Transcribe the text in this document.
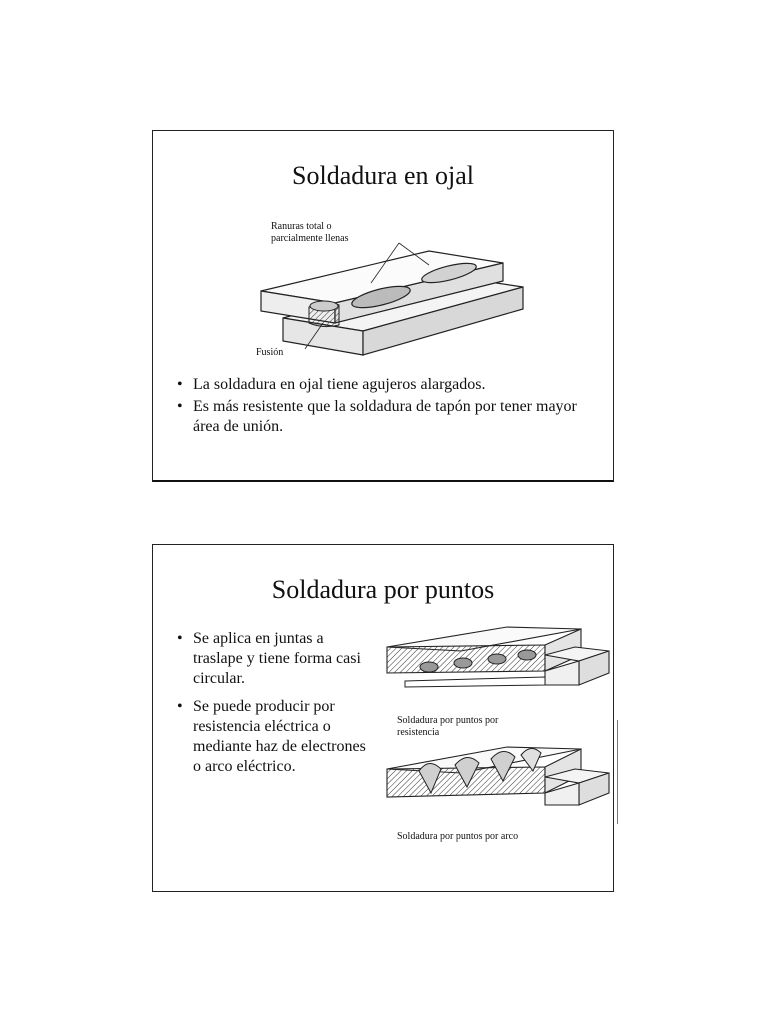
Soldadura en ojal
Ranuras total o
parcialmente llenas
Fusión
• La soldadura en ojal tiene agujeros alargados.
• Es más resistente que la soldadura de tapón por tener mayor área de unión.
Soldadura por puntos
• Se aplica en juntas a traslape y tiene forma casi circular.
• Se puede producir por resistencia eléctrica o mediante haz de electrones o arco eléctrico.
Soldadura por puntos por resistencia
Soldadura por puntos por arco
